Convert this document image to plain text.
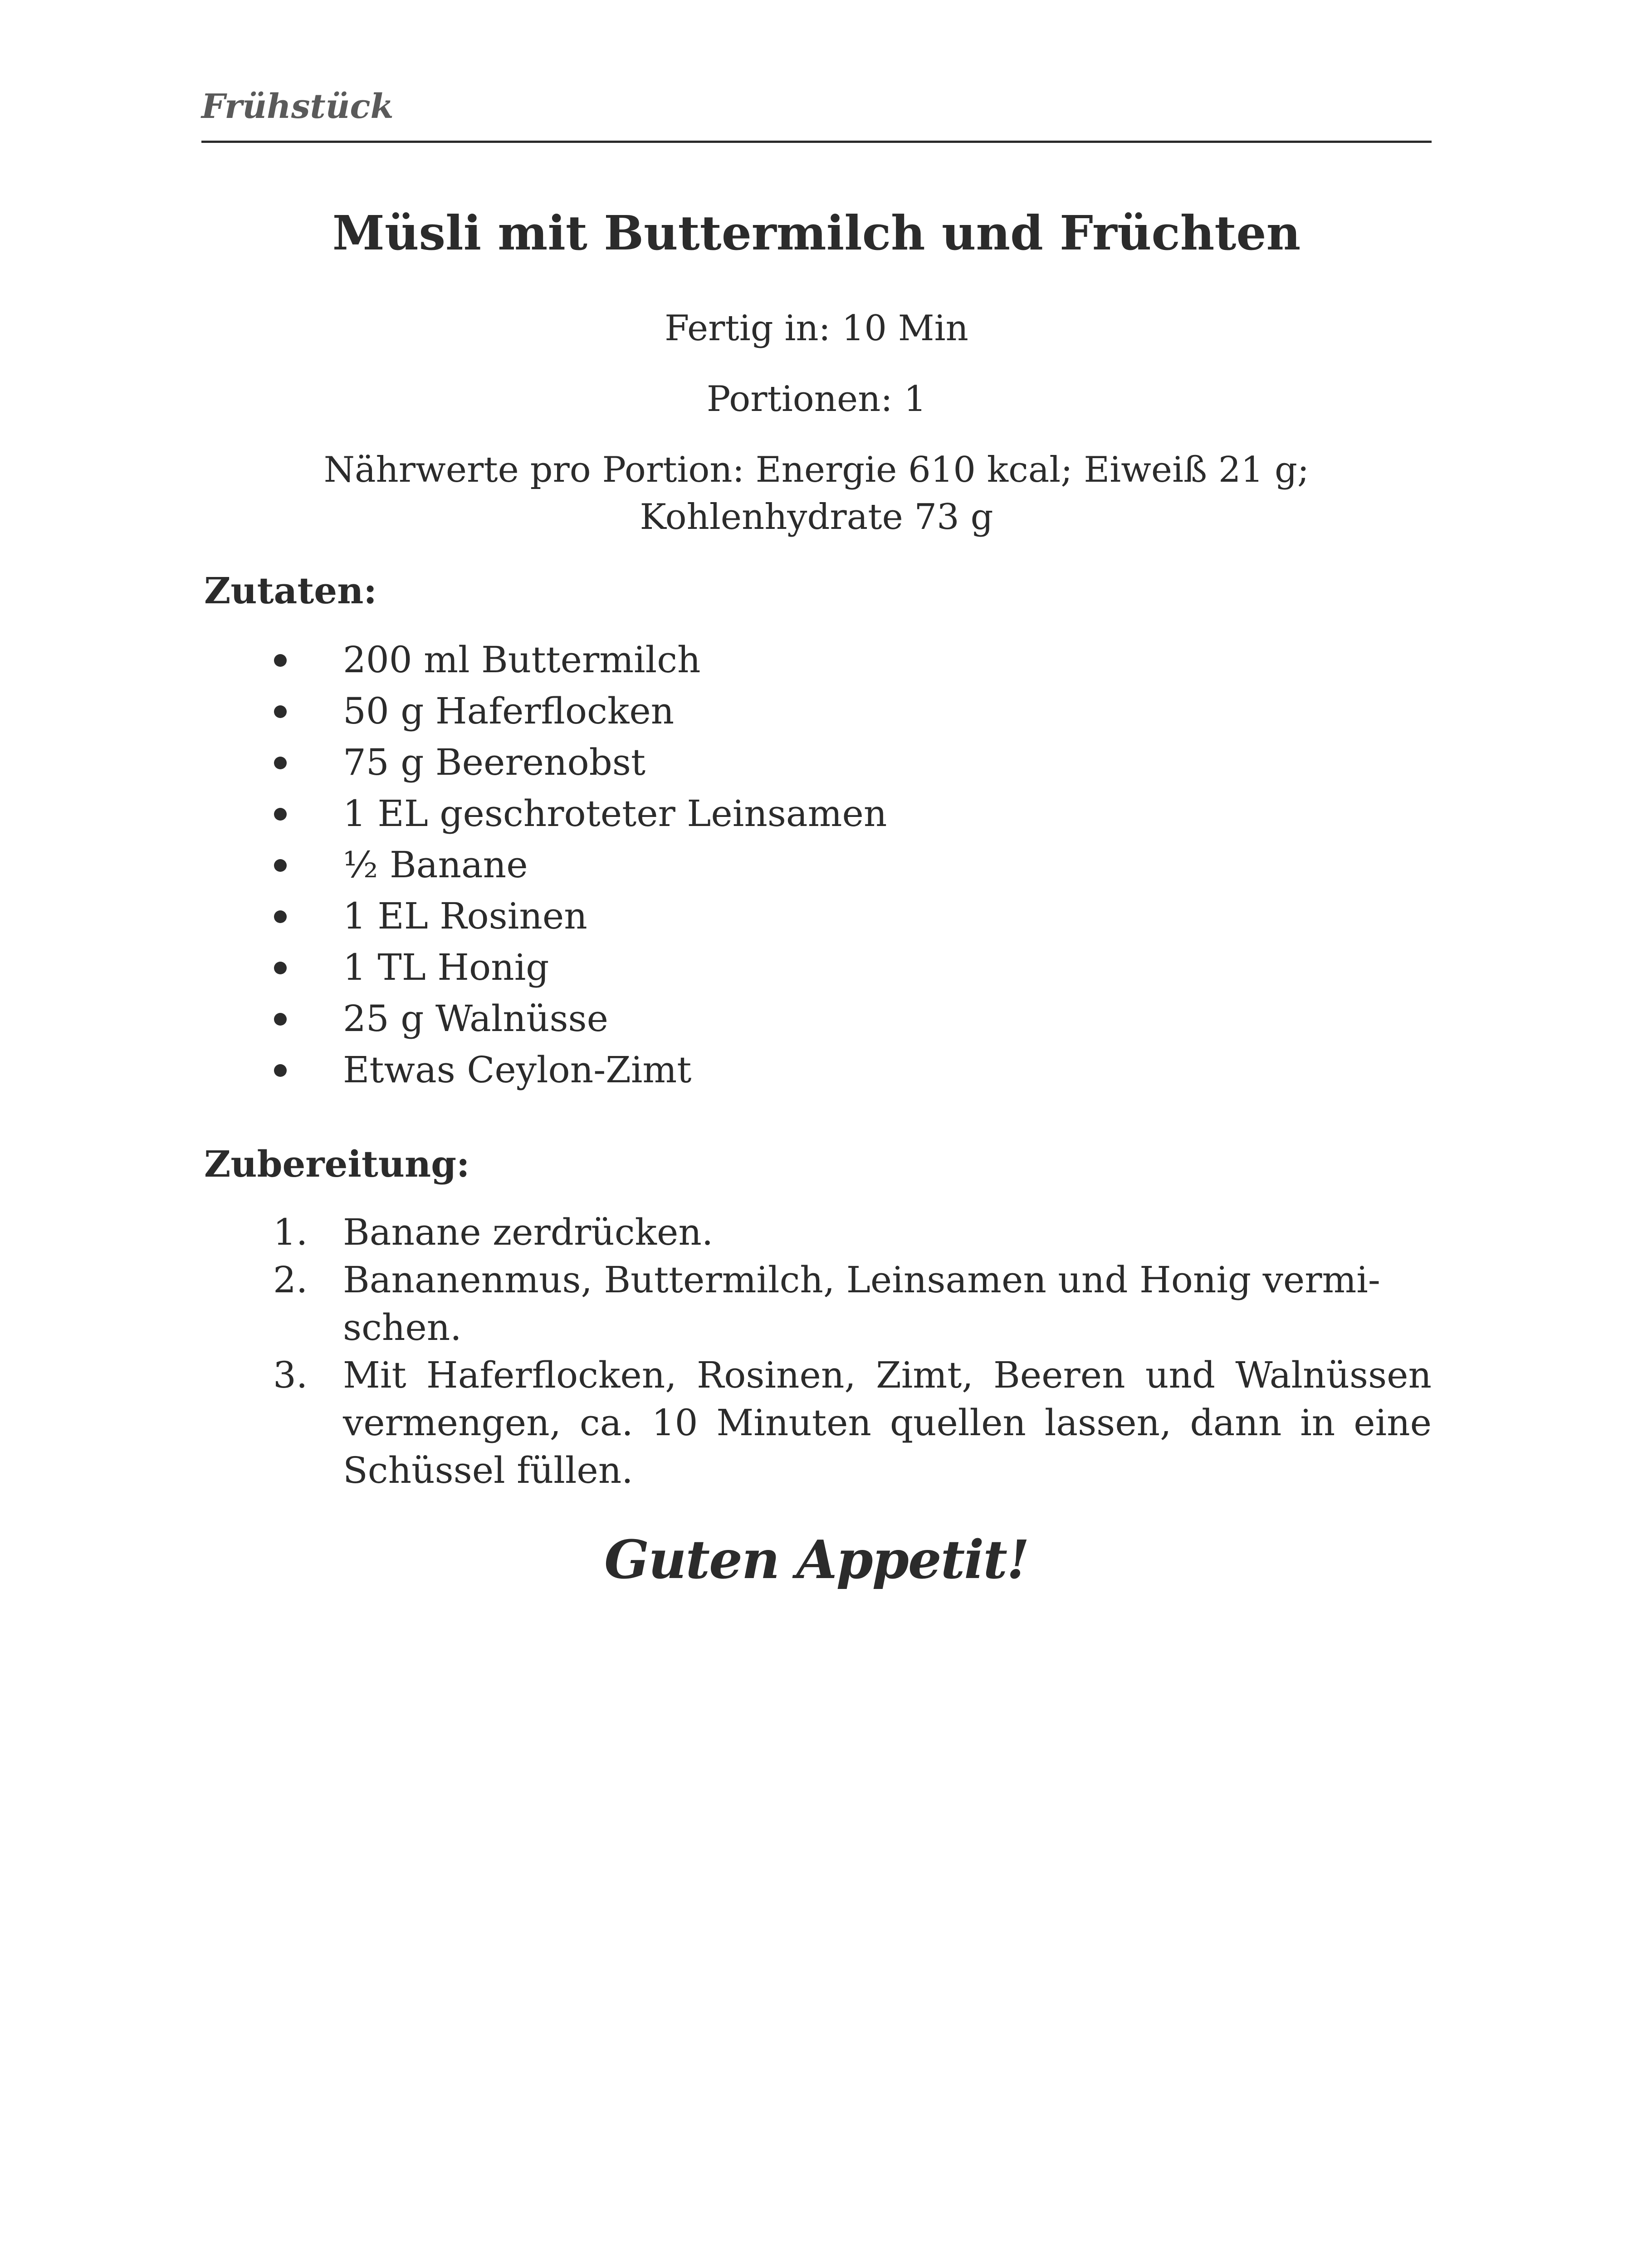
Frühstück
Müsli mit Buttermilch und Früchten
Fertig in: 10 Min
Portionen: 1
Nährwerte pro Portion: Energie 610 kcal; Eiweiß 21 g;
Kohlenhydrate 73 g
Zutaten:
200 ml Buttermilch
50 g Haferflocken
75 g Beerenobst
1 EL geschroteter Leinsamen
½ Banane
1 EL Rosinen
1 TL Honig
25 g Walnüsse
Etwas Ceylon-Zimt
Zubereitung:
1. Banane zerdrücken.
2. Bananenmus, Buttermilch, Leinsamen und Honig vermi-
schen.
3. Mit Haferflocken, Rosinen, Zimt, Beeren und Walnüssen vermengen, ca. 10 Minuten quellen lassen, dann in eine Schüssel füllen.
Guten Appetit!
